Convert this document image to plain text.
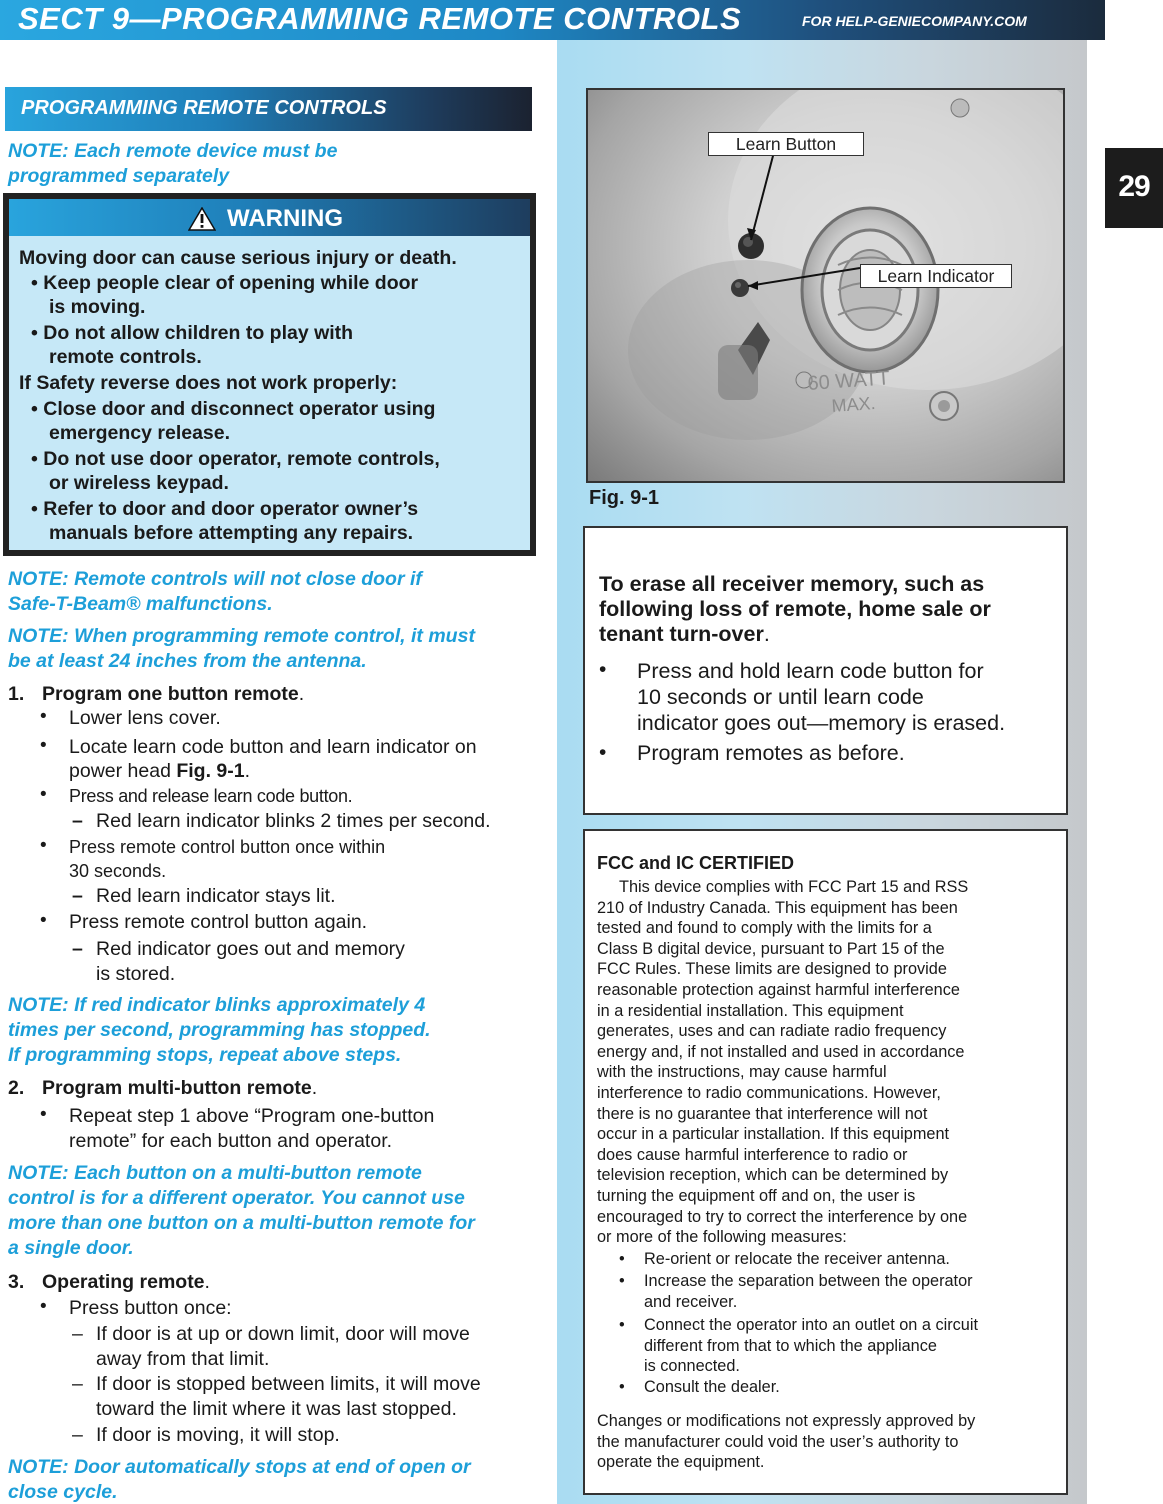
SECT 9—PROGRAMMING REMOTE CONTROLS	FOR HELP-GENIECOMPANY.COM
29
PROGRAMMING REMOTE CONTROLS
NOTE: Each remote device must be
programmed separately
WARNING
Moving door can cause serious injury or death.
• Keep people clear of opening while door
is moving.
• Do not allow children to play with
remote controls.
If Safety reverse does not work properly:
• Close door and disconnect operator using
emergency release.
• Do not use door operator, remote controls,
or wireless keypad.
• Refer to door and door operator owner’s
manuals before attempting any repairs.
NOTE: Remote controls will not close door if
Safe-T-Beam® malfunctions.
NOTE: When programming remote control, it must
be at least 24 inches from the antenna.
1. Program one button remote.
• Lower lens cover.
• Locate learn code button and learn indicator on
power head Fig. 9-1.
• Press and release learn code button.
– Red learn indicator blinks 2 times per second.
• Press remote control button once within
30 seconds.
– Red learn indicator stays lit.
• Press remote control button again.
– Red indicator goes out and memory
is stored.
NOTE: If red indicator blinks approximately 4
times per second, programming has stopped.
If programming stops, repeat above steps.
2. Program multi-button remote.
• Repeat step 1 above “Program one-button
remote” for each button and operator.
NOTE: Each button on a multi-button remote
control is for a different operator. You cannot use
more than one button on a multi-button remote for
a single door.
3. Operating remote.
• Press button once:
– If door is at up or down limit, door will move
away from that limit.
– If door is stopped between limits, it will move
toward the limit where it was last stopped.
– If door is moving, it will stop.
NOTE: Door automatically stops at end of open or
close cycle.
60 WATT
MAX.
Learn Button
Learn Indicator
Fig. 9-1
To erase all receiver memory, such as
following loss of remote, home sale or
tenant turn-over.
• Press and hold learn code button for
10 seconds or until learn code
indicator goes out—memory is erased.
• Program remotes as before.
FCC and IC CERTIFIED
This device complies with FCC Part 15 and RSS
210 of Industry Canada. This equipment has been
tested and found to comply with the limits for a
Class B digital device, pursuant to Part 15 of the
FCC Rules. These limits are designed to provide
reasonable protection against harmful interference
in a residential installation. This equipment
generates, uses and can radiate radio frequency
energy and, if not installed and used in accordance
with the instructions, may cause harmful
interference to radio communications. However,
there is no guarantee that interference will not
occur in a particular installation. If this equipment
does cause harmful interference to radio or
television reception, which can be determined by
turning the equipment off and on, the user is
encouraged to try to correct the interference by one
or more of the following measures:
• Re-orient or relocate the receiver antenna.
• Increase the separation between the operator
and receiver.
• Connect the operator into an outlet on a circuit
different from that to which the appliance
is connected.
• Consult the dealer.
Changes or modifications not expressly approved by
the manufacturer could void the user’s authority to
operate the equipment.
